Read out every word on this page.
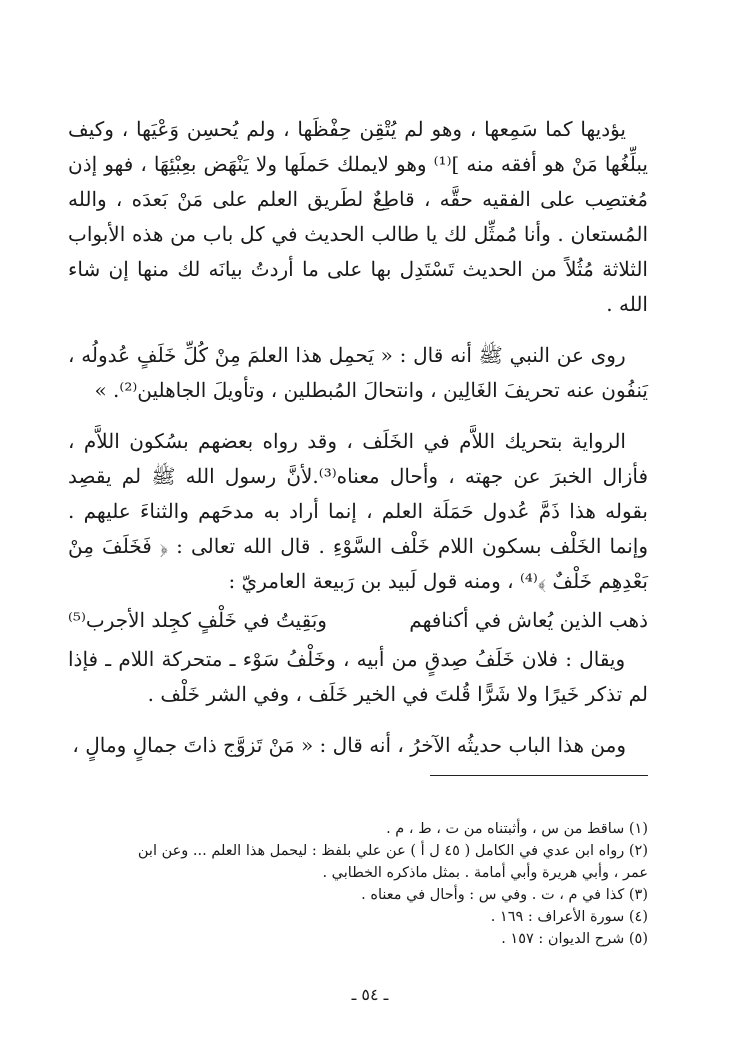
يؤديها كما سَمِعها ، وهو لم يُتْقِن حِفْظَها ، ولم يُحسِن وَعْيَها ، وكيف يبلِّغُها مَنْ هو أفقه منه ]⁽¹⁾ وهو لايملك حَملَها ولا يَنْهَض بعِبْئِهَا ، فهو إذن مُغتصِب على الفقيه حقَّه ، قاطِعٌ لطَريق العلم على مَنْ بَعدَه ، والله المُستعان . وأنا مُمثِّل لك يا طالب الحديث في كل باب من هذه الأبواب الثلاثة مُثُلاً من الحديث تَسْتَدِل بها على ما أردتُ بيانَه لك منها إن شاء الله .

روى عن النبي ﷺ أنه قال : « يَحمِل هذا العلمَ مِنْ كُلِّ خَلَفٍ عُدولُه ، يَنفُون عنه تحريفَ الغَالِين ، وانتحالَ المُبطلين ، وتأويلَ الجاهلين⁽²⁾. »

الرواية بتحريك اللاَّم في الخَلَف ، وقد رواه بعضهم بسُكون اللاَّم ، فأزال الخبرَ عن جهته ، وأحال معناه⁽³⁾.لأنَّ رسول الله ﷺ لم يقصِد بقوله هذا ذَمَّ عُدول حَمَلَة العلم ، إنما أراد به مدحَهم والثناءَ عليهم . وإنما الخَلْف بسكون اللام خَلْف السَّوْءِ . قال الله تعالى : ﴿ فَخَلَفَ مِنْ بَعْدِهِم خَلْفٌ ﴾⁽⁴⁾ ، ومنه قول لَبيد بن رَبيعة العامريّ :

ذهب الذين يُعاش في أكنافهم
وبَقِيتُ في خَلْفٍ كجِلد الأجرب⁽⁵⁾

ويقال : فلان خَلَفُ صِدقٍ من أبيه ، وخَلْفُ سَوْء ـ متحركة اللام ـ فإذا لم تذكر خَيرًا ولا شَرًّا قُلتَ في الخير خَلَف ، وفي الشر خَلْف .

ومن هذا الباب حديثُه الآخرُ ، أنه قال : « مَنْ تَزوَّج ذاتَ جمالٍ ومالٍ ،

(١) ساقط من س ، وأثبتناه من ت ، ط ، م .

(٢) رواه ابن عدي في الكامل ( ٤٥ ل أ ) عن علي بلفظ : ليحمل هذا العلم ... وعن ابن

عمر ، وأبي هريرة وأبي أمامة . بمثل ماذكره الخطابي .

(٣) كذا في م ، ت . وفي س : وأحال في معناه .

(٤) سورة الأعراف : ١٦٩ .

(٥) شرح الديوان : ١٥٧ .

ـ ٥٤ ـ
